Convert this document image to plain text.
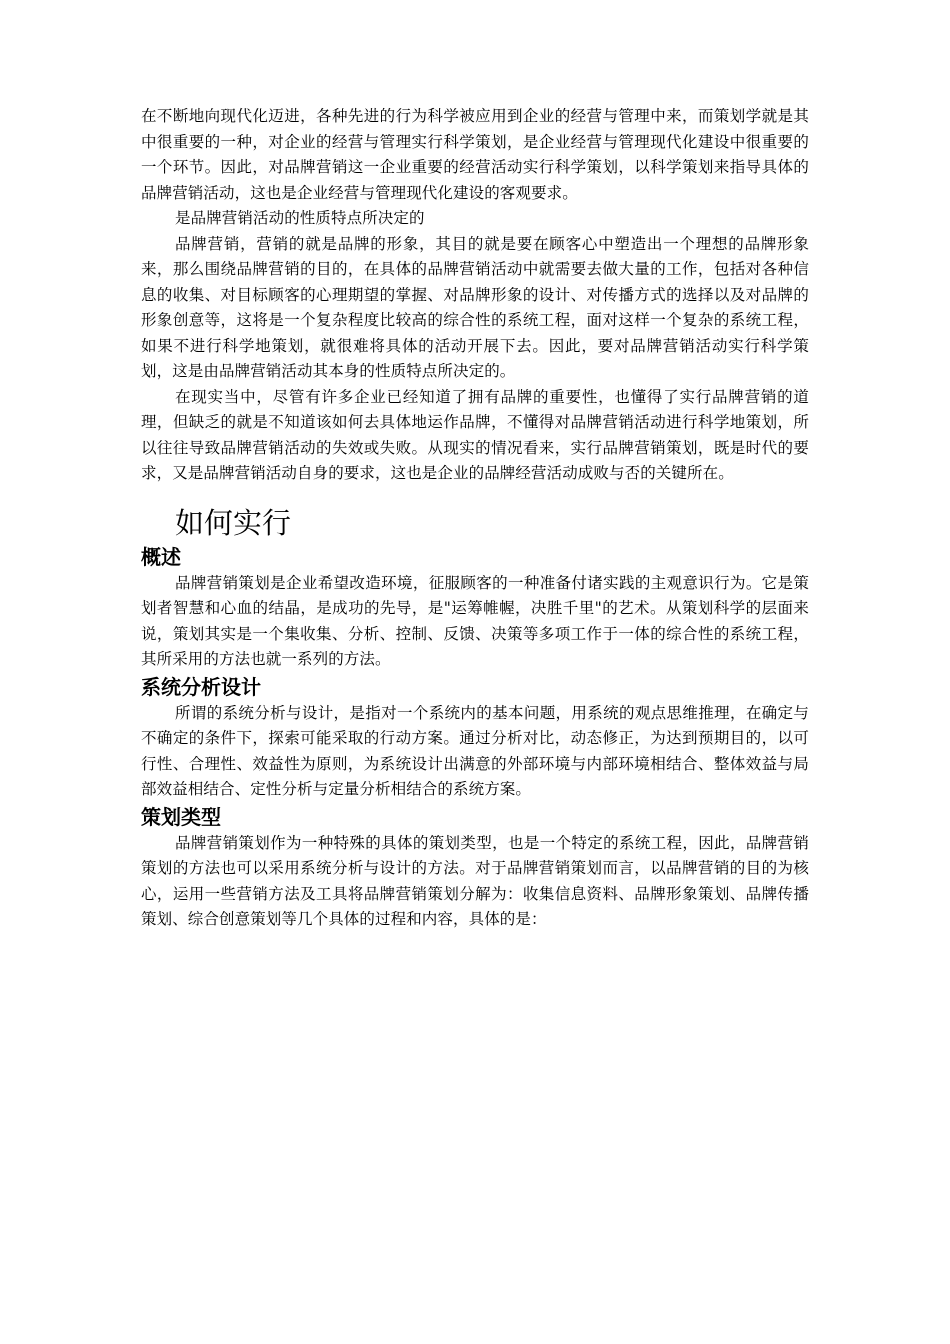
在不断地向现代化迈进，各种先进的行为科学被应用到企业的经营与管理中来，而策划学就是其中很重要的一种，对企业的经营与管理实行科学策划，是企业经营与管理现代化建设中很重要的一个环节。因此，对品牌营销这一企业重要的经营活动实行科学策划，以科学策划来指导具体的品牌营销活动，这也是企业经营与管理现代化建设的客观要求。

是品牌营销活动的性质特点所决定的

品牌营销，营销的就是品牌的形象，其目的就是要在顾客心中塑造出一个理想的品牌形象来，那么围绕品牌营销的目的，在具体的品牌营销活动中就需要去做大量的工作，包括对各种信息的收集、对目标顾客的心理期望的掌握、对品牌形象的设计、对传播方式的选择以及对品牌的形象创意等，这将是一个复杂程度比较高的综合性的系统工程，面对这样一个复杂的系统工程，如果不进行科学地策划，就很难将具体的活动开展下去。因此，要对品牌营销活动实行科学策划，这是由品牌营销活动其本身的性质特点所决定的。

在现实当中，尽管有许多企业已经知道了拥有品牌的重要性，也懂得了实行品牌营销的道理，但缺乏的就是不知道该如何去具体地运作品牌，不懂得对品牌营销活动进行科学地策划，所以往往导致品牌营销活动的失效或失败。从现实的情况看来，实行品牌营销策划，既是时代的要求，又是品牌营销活动自身的要求，这也是企业的品牌经营活动成败与否的关键所在。

如何实行
概述

品牌营销策划是企业希望改造环境，征服顾客的一种准备付诸实践的主观意识行为。它是策划者智慧和心血的结晶，是成功的先导，是"运筹帷幄，决胜千里"的艺术。从策划科学的层面来说，策划其实是一个集收集、分析、控制、反馈、决策等多项工作于一体的综合性的系统工程，其所采用的方法也就一系列的方法。

系统分析设计

所谓的系统分析与设计，是指对一个系统内的基本问题，用系统的观点思维推理，在确定与不确定的条件下，探索可能采取的行动方案。通过分析对比，动态修正，为达到预期目的，以可行性、合理性、效益性为原则，为系统设计出满意的外部环境与内部环境相结合、整体效益与局部效益相结合、定性分析与定量分析相结合的系统方案。

策划类型

品牌营销策划作为一种特殊的具体的策划类型，也是一个特定的系统工程，因此，品牌营销策划的方法也可以采用系统分析与设计的方法。对于品牌营销策划而言，以品牌营销的目的为核心，运用一些营销方法及工具将品牌营销策划分解为：收集信息资料、品牌形象策划、品牌传播策划、综合创意策划等几个具体的过程和内容，具体的是：
